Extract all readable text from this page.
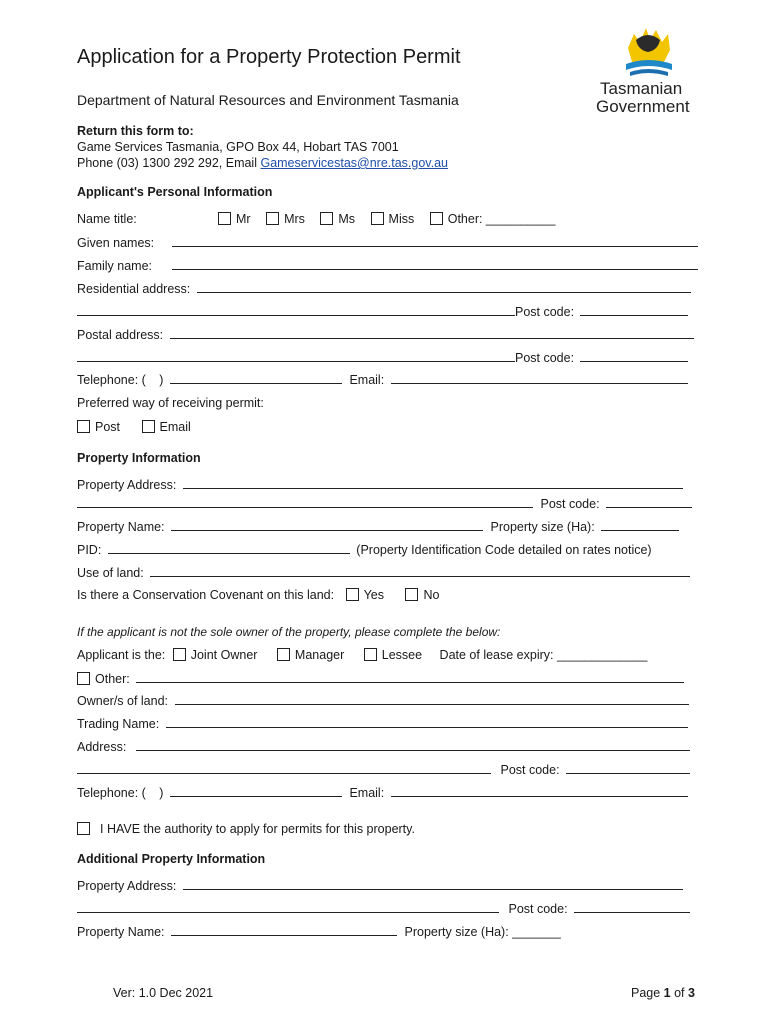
Application for a Property Protection Permit
Department of Natural Resources and Environment Tasmania
Tasmanian
Government
Return this form to:
Game Services Tasmania, GPO Box 44, Hobart TAS 7001
Phone (03) 1300 292 292, Email Gameservicestas@nre.tas.gov.au
Applicant's Personal Information
Name title:	Mr	Mrs	Ms	Miss	Other: __________
Given names:
Family name:
Residential address:
Post code:
Postal address:
Post code:
Telephone: ( )	Email:
Preferred way of receiving permit:
Post	Email
Property Information
Property Address:
Post code:
Property Name:	Property size (Ha):
PID:	(Property Identification Code detailed on rates notice)
Use of land:
Is there a Conservation Covenant on this land: Yes	No
If the applicant is not the sole owner of the property, please complete the below:
Applicant is the: Joint Owner	Manager	Lessee Date of lease expiry: _____________
Other:
Owner/s of land:
Trading Name:
Address:
Post code:
Telephone: ( )	Email:
I HAVE the authority to apply for permits for this property.
Additional Property Information
Property Address:
Post code:
Property Name:	Property size (Ha): _______
Ver: 1.0 Dec 2021	Page 1 of 3
